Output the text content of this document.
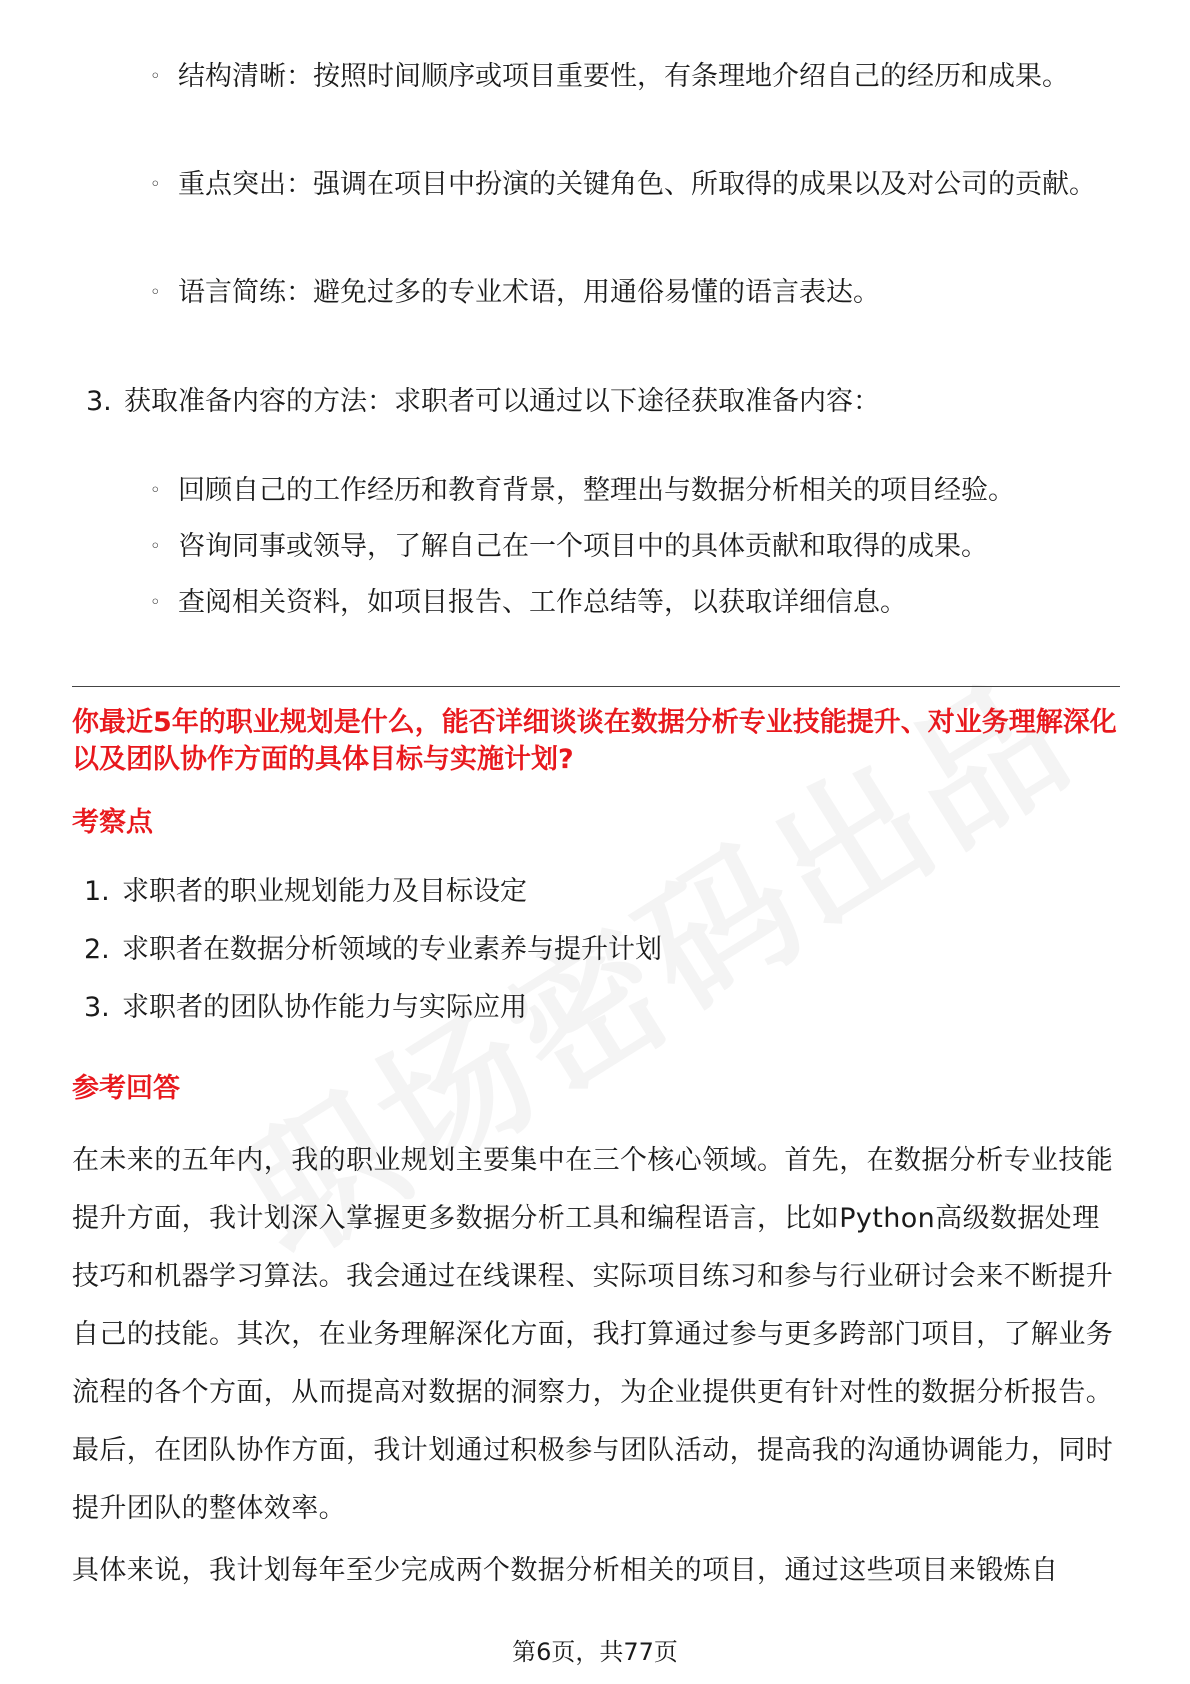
◦ 结构清晰：按照时间顺序或项目重要性，有条理地介绍自己的经历和成果。
◦ 重点突出：强调在项目中扮演的关键角色、所取得的成果以及对公司的贡献。
◦ 语言简练：避免过多的专业术语，用通俗易懂的语言表达。
3. 获取准备内容的方法：求职者可以通过以下途径获取准备内容：
◦ 回顾自己的工作经历和教育背景，整理出与数据分析相关的项目经验。
◦ 咨询同事或领导，了解自己在一个项目中的具体贡献和取得的成果。
◦ 查阅相关资料，如项目报告、工作总结等，以获取详细信息。
你最近5年的职业规划是什么，能否详细谈谈在数据分析专业技能提升、对业务理解深化以及团队协作方面的具体目标与实施计划?
考察点
1. 求职者的职业规划能力及目标设定
2. 求职者在数据分析领域的专业素养与提升计划
3. 求职者的团队协作能力与实际应用
参考回答
在未来的五年内，我的职业规划主要集中在三个核心领域。首先，在数据分析专业技能提升方面，我计划深入掌握更多数据分析工具和编程语言，比如Python高级数据处理技巧和机器学习算法。我会通过在线课程、实际项目练习和参与行业研讨会来不断提升自己的技能。其次，在业务理解深化方面，我打算通过参与更多跨部门项目，了解业务流程的各个方面，从而提高对数据的洞察力，为企业提供更有针对性的数据分析报告。最后，在团队协作方面，我计划通过积极参与团队活动，提高我的沟通协调能力，同时提升团队的整体效率。
具体来说，我计划每年至少完成两个数据分析相关的项目，通过这些项目来锻炼自
第6页，共77页
